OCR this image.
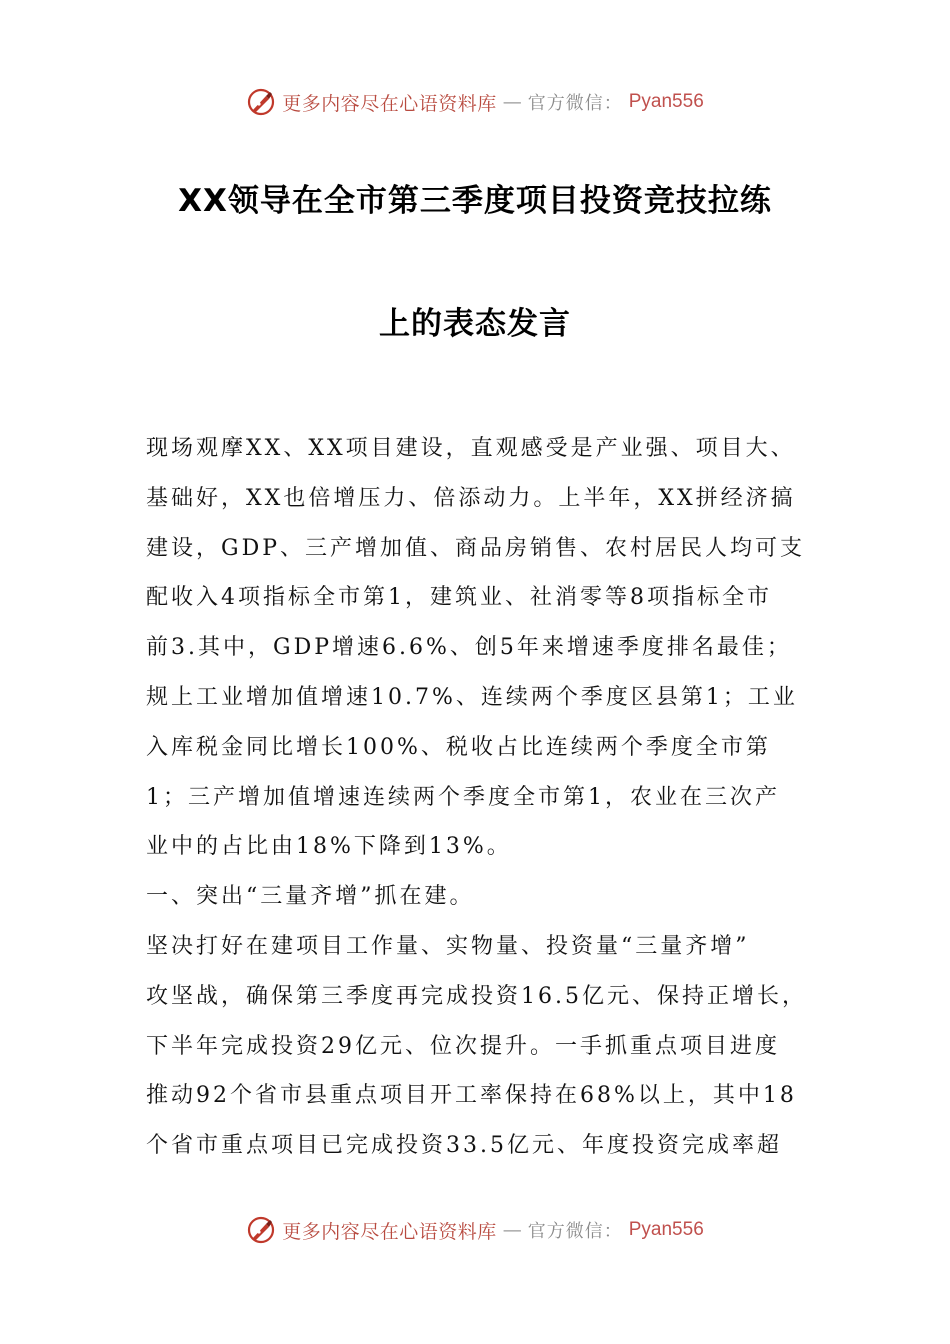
更多内容尽在心语资料库 — 官方微信： Pyan556
XX领导在全市第三季度项目投资竞技拉练
上的表态发言

现场观摩XX、XX项目建设，直观感受是产业强、项目大、

基础好，XX也倍增压力、倍添动力。上半年，XX拼经济搞

建设，GDP、三产增加值、商品房销售、农村居民人均可支

配收入4项指标全市第1，建筑业、社消零等8项指标全市

前3.其中，GDP增速6.6%、创5年来增速季度排名最佳；

规上工业增加值增速10.7%、连续两个季度区县第1；工业

入库税金同比增长100%、税收占比连续两个季度全市第

1；三产增加值增速连续两个季度全市第1，农业在三次产

业中的占比由18%下降到13%。

一、突出“三量齐增”抓在建。

坚决打好在建项目工作量、实物量、投资量“三量齐增”

攻坚战，确保第三季度再完成投资16.5亿元、保持正增长，

下半年完成投资29亿元、位次提升。一手抓重点项目进度

推动92个省市县重点项目开工率保持在68%以上，其中18

个省市重点项目已完成投资33.5亿元、年度投资完成率超

更多内容尽在心语资料库 — 官方微信： Pyan556
